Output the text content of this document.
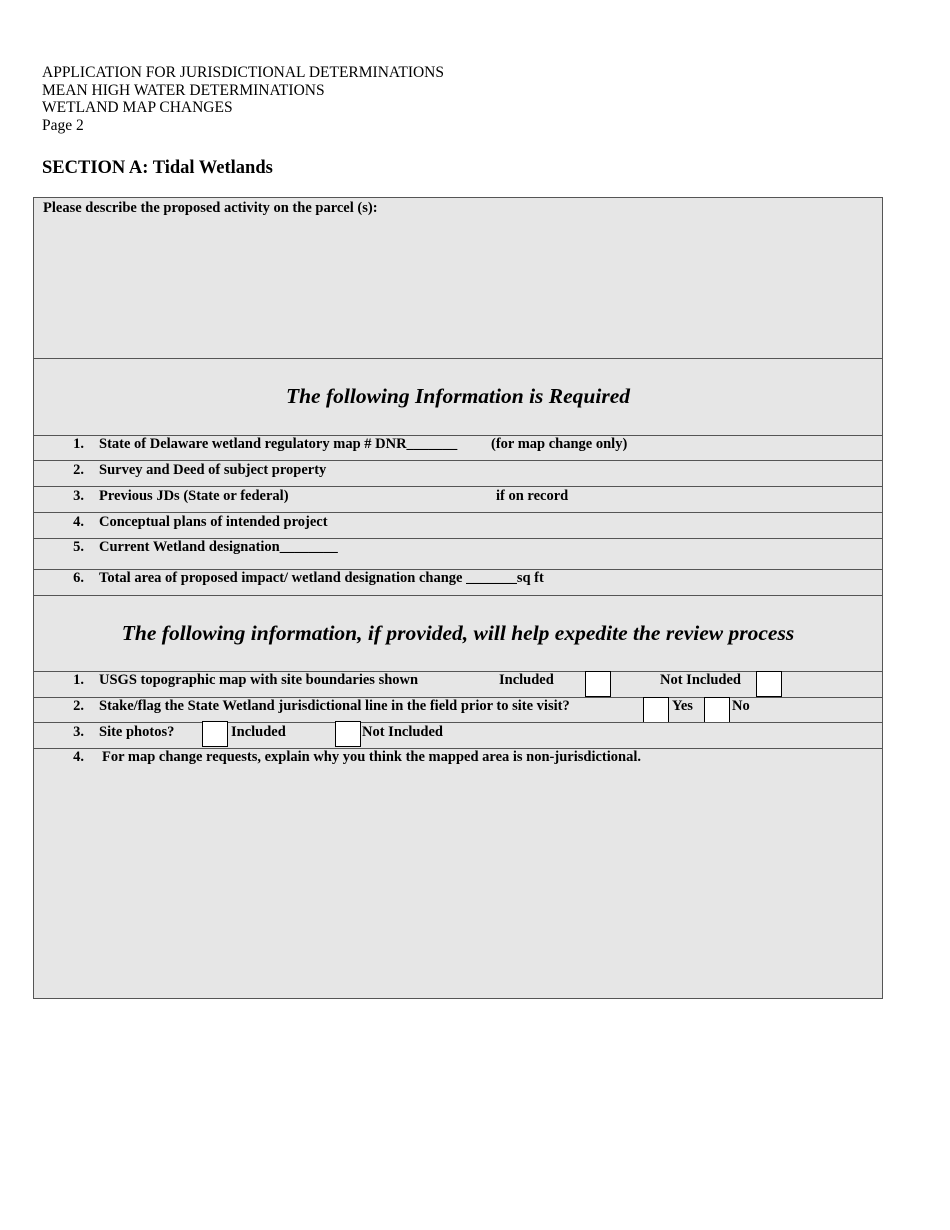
APPLICATION FOR JURISDICTIONAL DETERMINATIONS
MEAN HIGH WATER DETERMINATIONS
WETLAND MAP CHANGES
Page 2
SECTION A: Tidal Wetlands
Please describe the proposed activity on the parcel (s):
The following Information is Required
1. State of Delaware wetland regulatory map # DNR_______ (for map change only)
2. Survey and Deed of subject property
3. Previous JDs (State or federal)	if on record
4. Conceptual plans of intended project
5. Current Wetland designation________
6. Total area of proposed impact/ wetland designation change _______sq ft
The following information, if provided, will help expedite the review process
1. USGS topographic map with site boundaries shown	Included	Not Included
2. Stake/flag the State Wetland jurisdictional line in the field prior to site visit?	Yes	No
3. Site photos?	Included	Not Included
4. For map change requests, explain why you think the mapped area is non-jurisdictional.
